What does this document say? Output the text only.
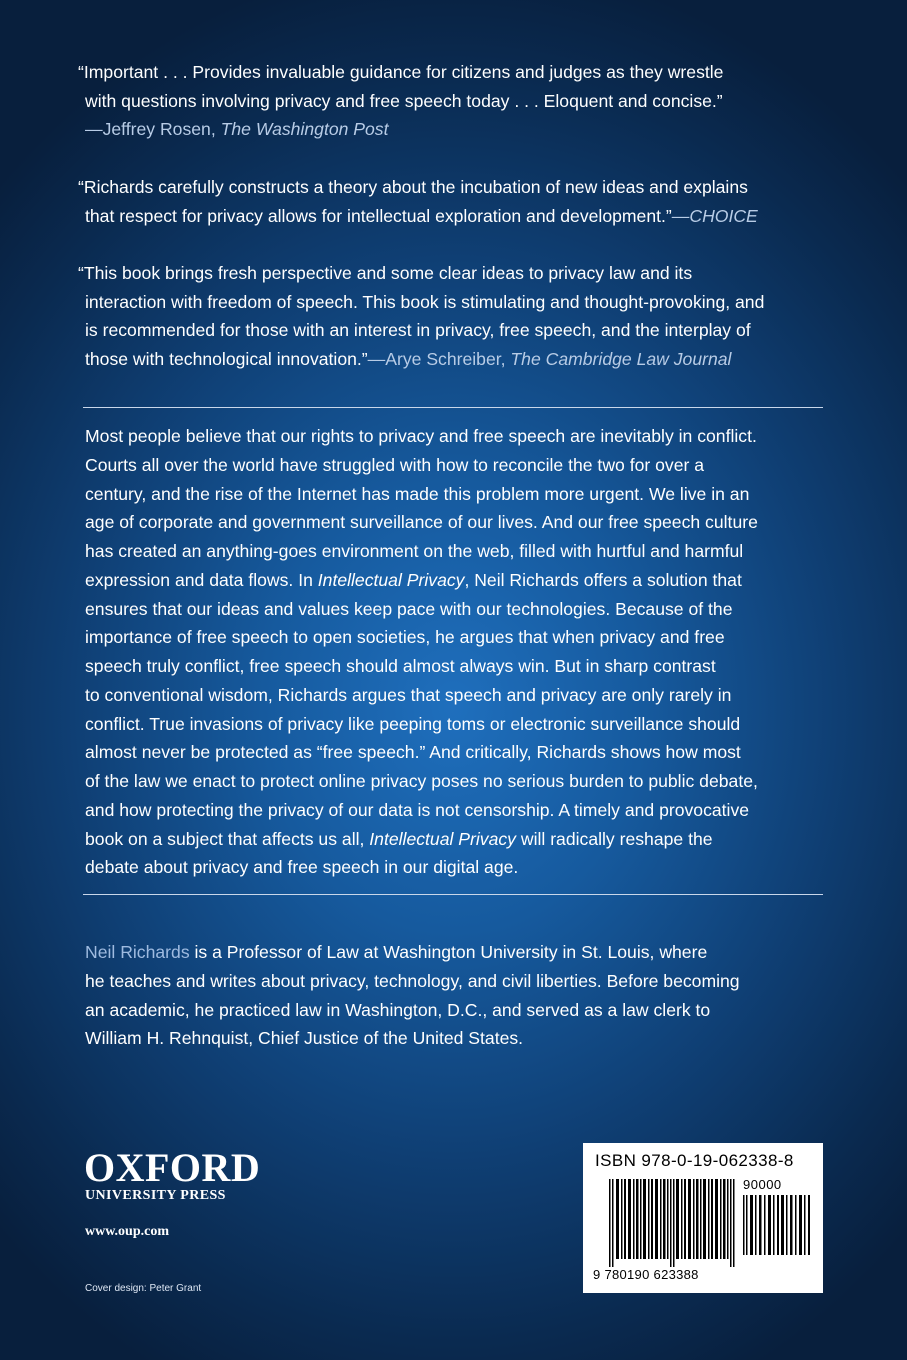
“Important . . . Provides invaluable guidance for citizens and judges as they wrestle
with questions involving privacy and free speech today . . . Eloquent and concise.”
—Jeffrey Rosen, The Washington Post

“Richards carefully constructs a theory about the incubation of new ideas and explains
that respect for privacy allows for intellectual exploration and development.”—CHOICE

“This book brings fresh perspective and some clear ideas to privacy law and its
interaction with freedom of speech. This book is stimulating and thought-provoking, and
is recommended for those with an interest in privacy, free speech, and the interplay of
those with technological innovation.”—Arye Schreiber, The Cambridge Law Journal

Most people believe that our rights to privacy and free speech are inevitably in conflict.
Courts all over the world have struggled with how to reconcile the two for over a
century, and the rise of the Internet has made this problem more urgent. We live in an
age of corporate and government surveillance of our lives. And our free speech culture
has created an anything-goes environment on the web, filled with hurtful and harmful
expression and data flows. In Intellectual Privacy, Neil Richards offers a solution that
ensures that our ideas and values keep pace with our technologies. Because of the
importance of free speech to open societies, he argues that when privacy and free
speech truly conflict, free speech should almost always win. But in sharp contrast
to conventional wisdom, Richards argues that speech and privacy are only rarely in
conflict. True invasions of privacy like peeping toms or electronic surveillance should
almost never be protected as “free speech.” And critically, Richards shows how most
of the law we enact to protect online privacy poses no serious burden to public debate,
and how protecting the privacy of our data is not censorship. A timely and provocative
book on a subject that affects us all, Intellectual Privacy will radically reshape the
debate about privacy and free speech in our digital age.

Neil Richards is a Professor of Law at Washington University in St. Louis, where
he teaches and writes about privacy, technology, and civil liberties. Before becoming
an academic, he practiced law in Washington, D.C., and served as a law clerk to
William H. Rehnquist, Chief Justice of the United States.

OXFORD
UNIVERSITY PRESS
www.oup.com
Cover design: Peter Grant
ISBN 978-0-19-062338-8
90000
9 780190 623388
